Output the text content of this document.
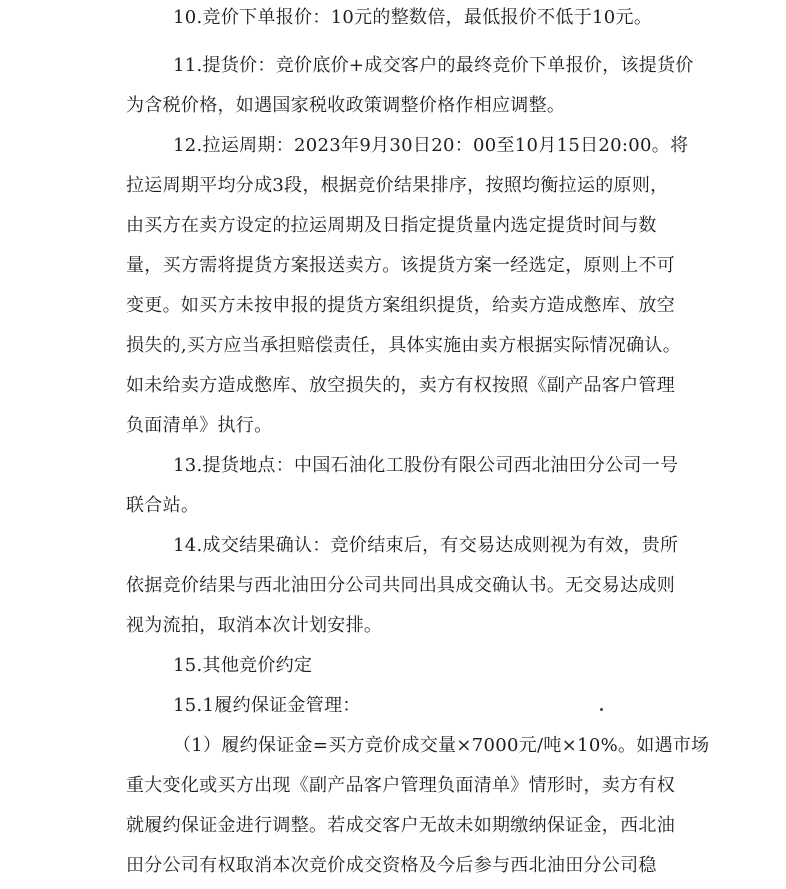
10.竞价下单报价：10元的整数倍，最低报价不低于10元。
11.提货价：竞价底价+成交客户的最终竞价下单报价，该提货价
为含税价格，如遇国家税收政策调整价格作相应调整。
12.拉运周期：2023年9月30日20：00至10月15日20:00。将
拉运周期平均分成3段，根据竞价结果排序，按照均衡拉运的原则，
由买方在卖方设定的拉运周期及日指定提货量内选定提货时间与数
量，买方需将提货方案报送卖方。该提货方案一经选定，原则上不可
变更。如买方未按申报的提货方案组织提货，给卖方造成憋库、放空
损失的,买方应当承担赔偿责任，具体实施由卖方根据实际情况确认。
如未给卖方造成憋库、放空损失的，卖方有权按照《副产品客户管理
负面清单》执行。
13.提货地点：中国石油化工股份有限公司西北油田分公司一号
联合站。
14.成交结果确认：竞价结束后，有交易达成则视为有效，贵所
依据竞价结果与西北油田分公司共同出具成交确认书。无交易达成则
视为流拍，取消本次计划安排。
15.其他竞价约定
15.1履约保证金管理：
（1）履约保证金=买方竞价成交量×7000元/吨×10%。如遇市场
重大变化或买方出现《副产品客户管理负面清单》情形时，卖方有权
就履约保证金进行调整。若成交客户无故未如期缴纳保证金，西北油
田分公司有权取消本次竞价成交资格及今后参与西北油田分公司稳
